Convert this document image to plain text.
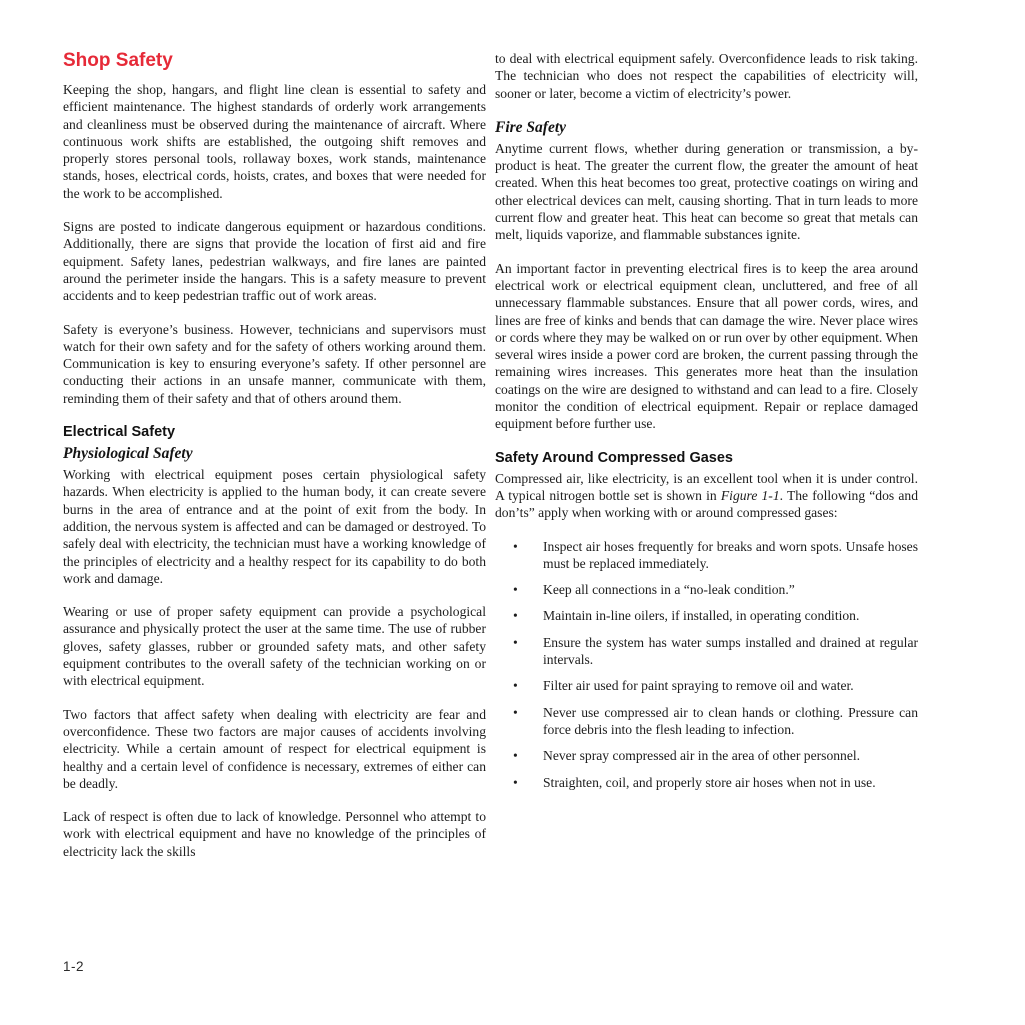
Shop Safety

Keeping the shop, hangars, and flight line clean is essential to safety and efficient maintenance. The highest standards of orderly work arrangements and cleanliness must be observed during the maintenance of aircraft. Where continuous work shifts are established, the outgoing shift removes and properly stores personal tools, rollaway boxes, work stands, maintenance stands, hoses, electrical cords, hoists, crates, and boxes that were needed for the work to be accomplished.

Signs are posted to indicate dangerous equipment or hazardous conditions. Additionally, there are signs that provide the location of first aid and fire equipment. Safety lanes, pedestrian walkways, and fire lanes are painted around the perimeter inside the hangars. This is a safety measure to prevent accidents and to keep pedestrian traffic out of work areas.

Safety is everyone’s business. However, technicians and supervisors must watch for their own safety and for the safety of others working around them. Communication is key to ensuring everyone’s safety. If other personnel are conducting their actions in an unsafe manner, communicate with them, reminding them of their safety and that of others around them.

Electrical Safety
Physiological Safety

Working with electrical equipment poses certain physiological safety hazards. When electricity is applied to the human body, it can create severe burns in the area of entrance and at the point of exit from the body. In addition, the nervous system is affected and can be damaged or destroyed. To safely deal with electricity, the technician must have a working knowledge of the principles of electricity and a healthy respect for its capability to do both work and damage.

Wearing or use of proper safety equipment can provide a psychological assurance and physically protect the user at the same time. The use of rubber gloves, safety glasses, rubber or grounded safety mats, and other safety equipment contributes to the overall safety of the technician working on or with electrical equipment.

Two factors that affect safety when dealing with electricity are fear and overconfidence. These two factors are major causes of accidents involving electricity. While a certain amount of respect for electrical equipment is healthy and a certain level of confidence is necessary, extremes of either can be deadly.

Lack of respect is often due to lack of knowledge. Personnel who attempt to work with electrical equipment and have no knowledge of the principles of electricity lack the skills

to deal with electrical equipment safely. Overconfidence leads to risk taking. The technician who does not respect the capabilities of electricity will, sooner or later, become a victim of electricity’s power.

Fire Safety

Anytime current flows, whether during generation or transmission, a by-product is heat. The greater the current flow, the greater the amount of heat created. When this heat becomes too great, protective coatings on wiring and other electrical devices can melt, causing shorting. That in turn leads to more current flow and greater heat. This heat can become so great that metals can melt, liquids vaporize, and flammable substances ignite.

An important factor in preventing electrical fires is to keep the area around electrical work or electrical equipment clean, uncluttered, and free of all unnecessary flammable substances. Ensure that all power cords, wires, and lines are free of kinks and bends that can damage the wire. Never place wires or cords where they may be walked on or run over by other equipment. When several wires inside a power cord are broken, the current passing through the remaining wires increases. This generates more heat than the insulation coatings on the wire are designed to withstand and can lead to a fire. Closely monitor the condition of electrical equipment. Repair or replace damaged equipment before further use.

Safety Around Compressed Gases

Compressed air, like electricity, is an excellent tool when it is under control. A typical nitrogen bottle set is shown in Figure 1-1. The following “dos and don’ts” apply when working with or around compressed gases:

• Inspect air hoses frequently for breaks and worn spots. Unsafe hoses must be replaced immediately.
• Keep all connections in a “no-leak condition.”
• Maintain in-line oilers, if installed, in operating condition.
• Ensure the system has water sumps installed and drained at regular intervals.
• Filter air used for paint spraying to remove oil and water.
• Never use compressed air to clean hands or clothing. Pressure can force debris into the flesh leading to infection.
• Never spray compressed air in the area of other personnel.
• Straighten, coil, and properly store air hoses when not in use.
1-2
